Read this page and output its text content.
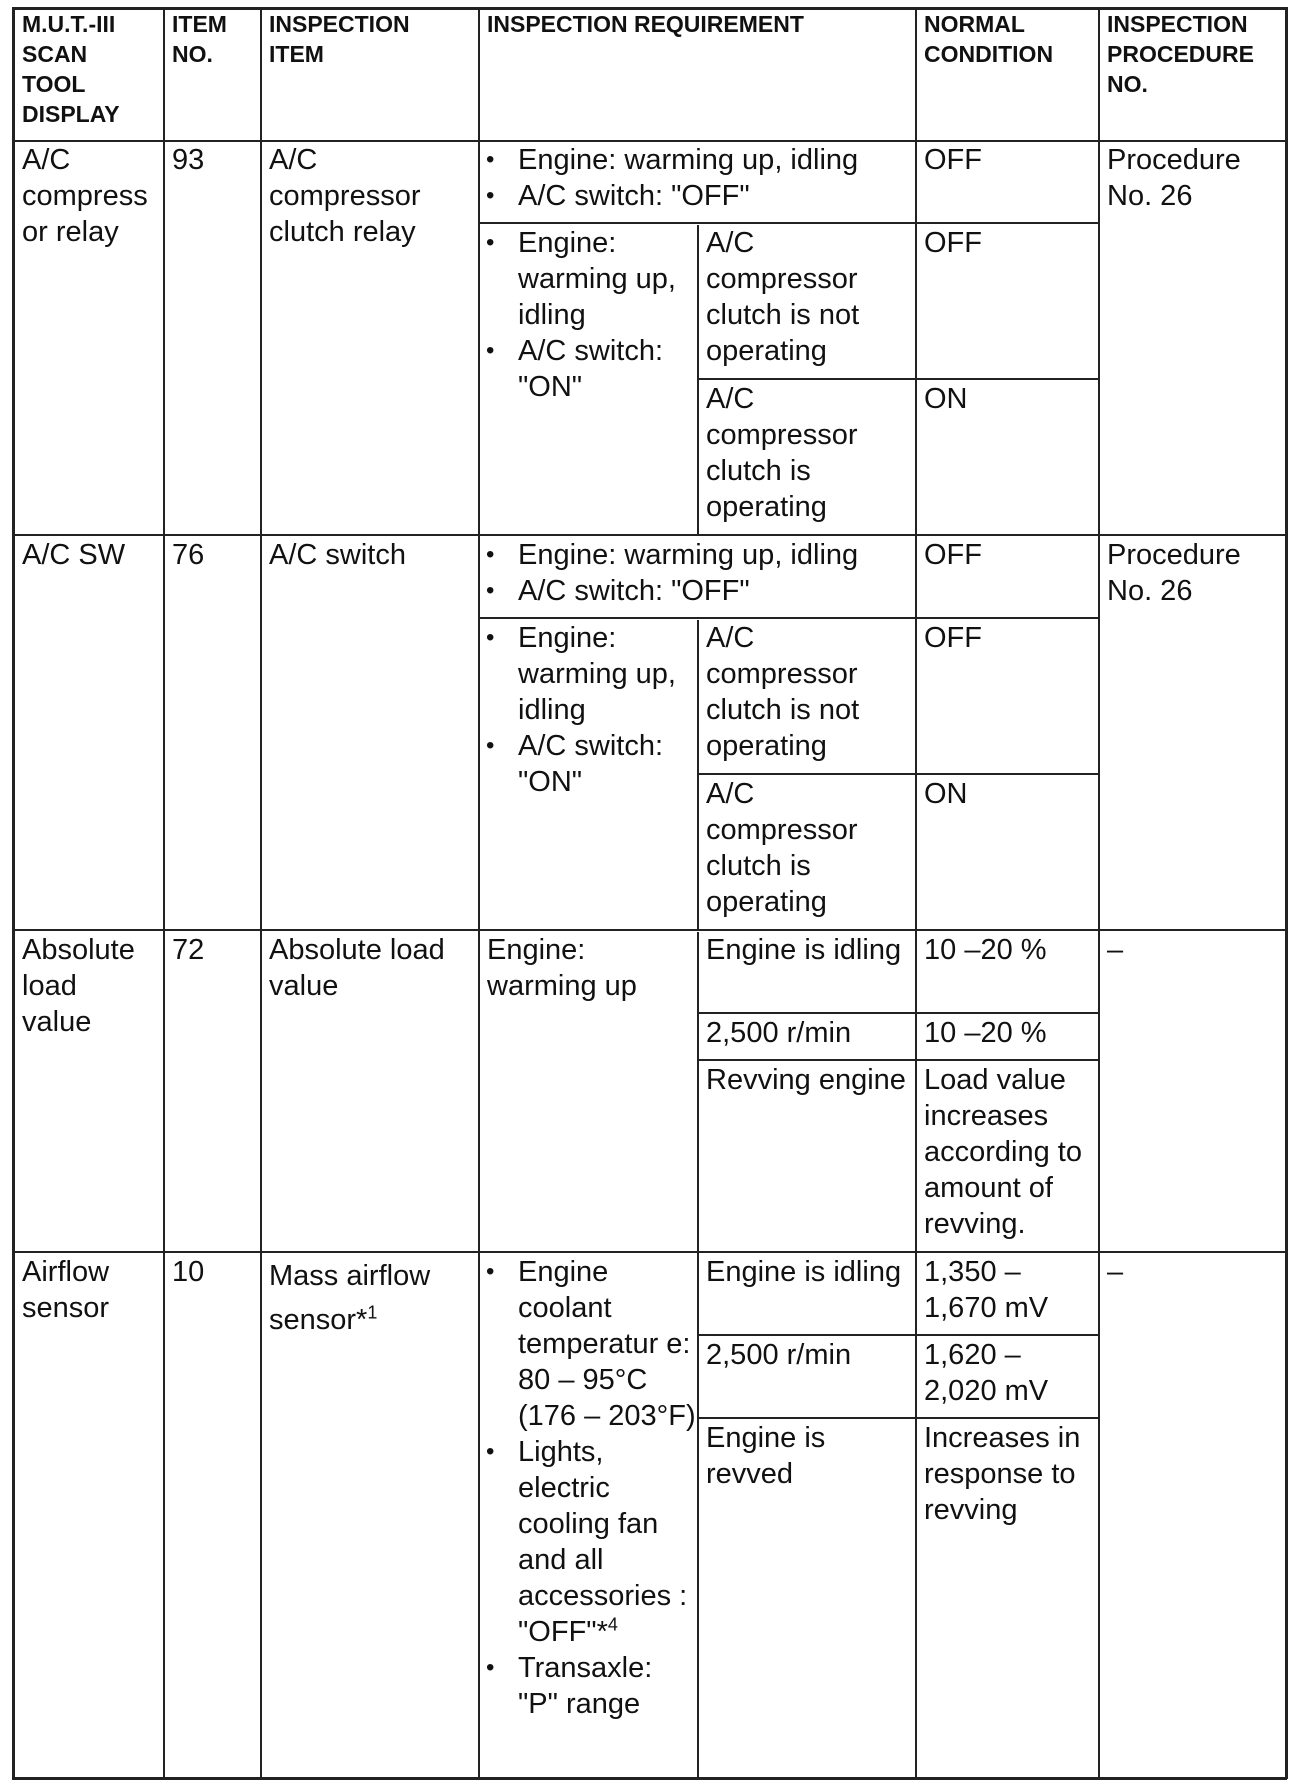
M.U.T.-III SCAN TOOL DISPLAY
ITEM NO.
INSPECTION ITEM
INSPECTION REQUIREMENT	NORMAL CONDITION
INSPECTION PROCEDURE NO.
A/C compress or relay
93	A/C compressor clutch relay
• Engine: warming up, idling
• A/C switch: "OFF"
• Engine: warming up, idling
• A/C switch: "ON"
A/C compressor clutch is not operating
A/C compressor clutch is operating
OFF
OFF
ON
Procedure No. 26
A/C SW	76	A/C switch
•	Engine: warming up, idling
• A/C switch: "OFF"
• Engine: warming up, idling
• A/C switch: "ON"
A/C compressor clutch is not operating
A/C compressor clutch is operating
OFF
OFF
ON
Procedure No. 26
Absolute load value
72	Absolute load value
Engine: warming up
Engine is idling
2,500 r/min
Revving engine
10 –20 %
10 –20 %
Load value increases according to amount of revving.
–
Airflow sensor
10	Mass airflow sensor*$^1$
• Engine coolant temperatur e: 80 – 95°C (176 – 203°F)
• Lights, electric cooling fan and all accessories : "OFF"*$^4$
• Transaxle: "P" range
Engine is idling
2,500 r/min
Engine is revved
1,350 – 1,670 mV
1,620 – 2,020 mV
Increases in response to revving
–
